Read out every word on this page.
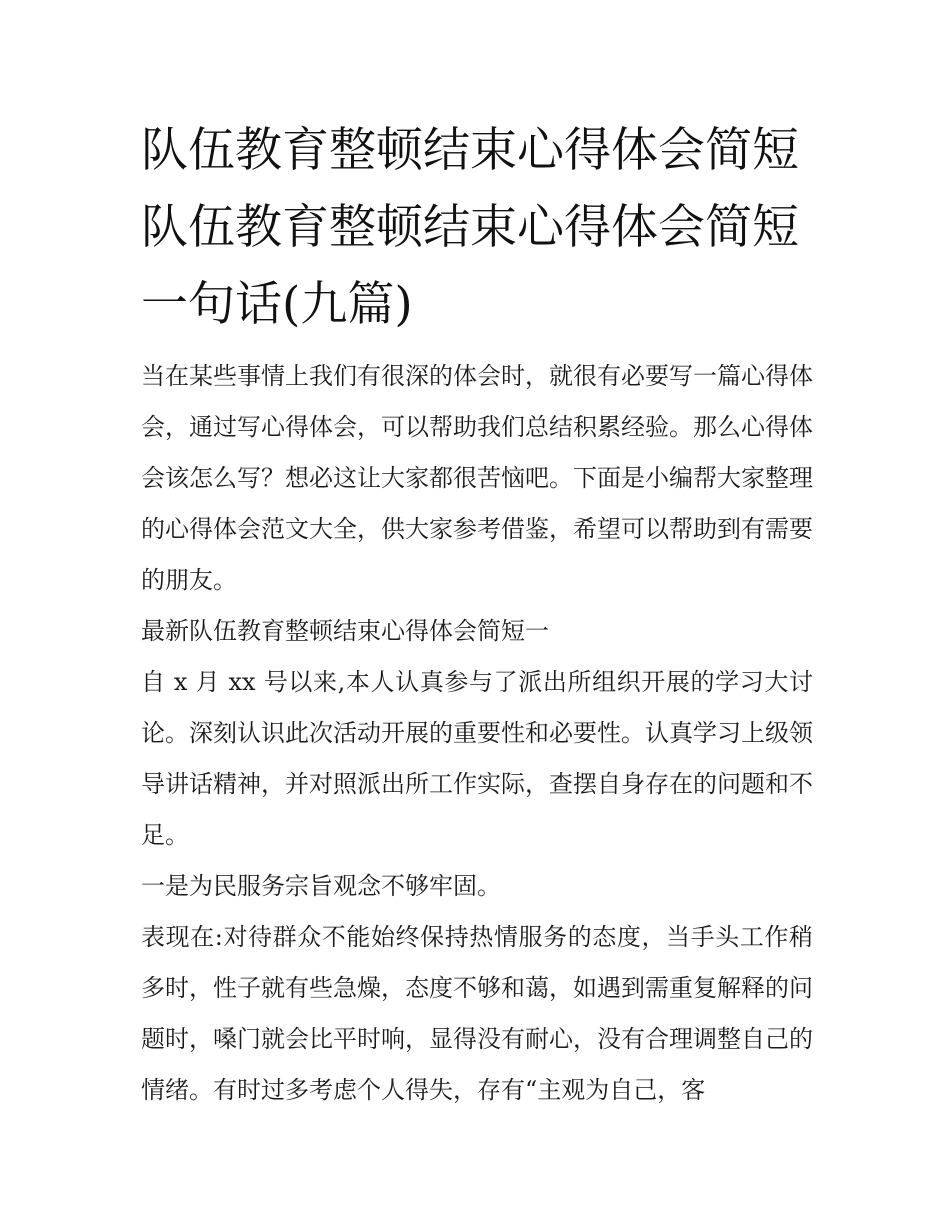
队伍教育整顿结束心得体会简短 队伍教育整顿结束心得体会简短一句话(九篇)

当在某些事情上我们有很深的体会时，就很有必要写一篇心得体会，通过写心得体会，可以帮助我们总结积累经验。那么心得体会该怎么写？想必这让大家都很苦恼吧。下面是小编帮大家整理的心得体会范文大全，供大家参考借鉴，希望可以帮助到有需要的朋友。

最新队伍教育整顿结束心得体会简短一

自 x 月 xx 号以来,本人认真参与了派出所组织开展的学习大讨论。深刻认识此次活动开展的重要性和必要性。认真学习上级领导讲话精神，并对照派出所工作实际，查摆自身存在的问题和不足。

一是为民服务宗旨观念不够牢固。

表现在:对待群众不能始终保持热情服务的态度，当手头工作稍多时，性子就有些急燥，态度不够和蔼，如遇到需重复解释的问题时，嗓门就会比平时响，显得没有耐心，没有合理调整自己的情绪。有时过多考虑个人得失，存有“主观为自己，客
